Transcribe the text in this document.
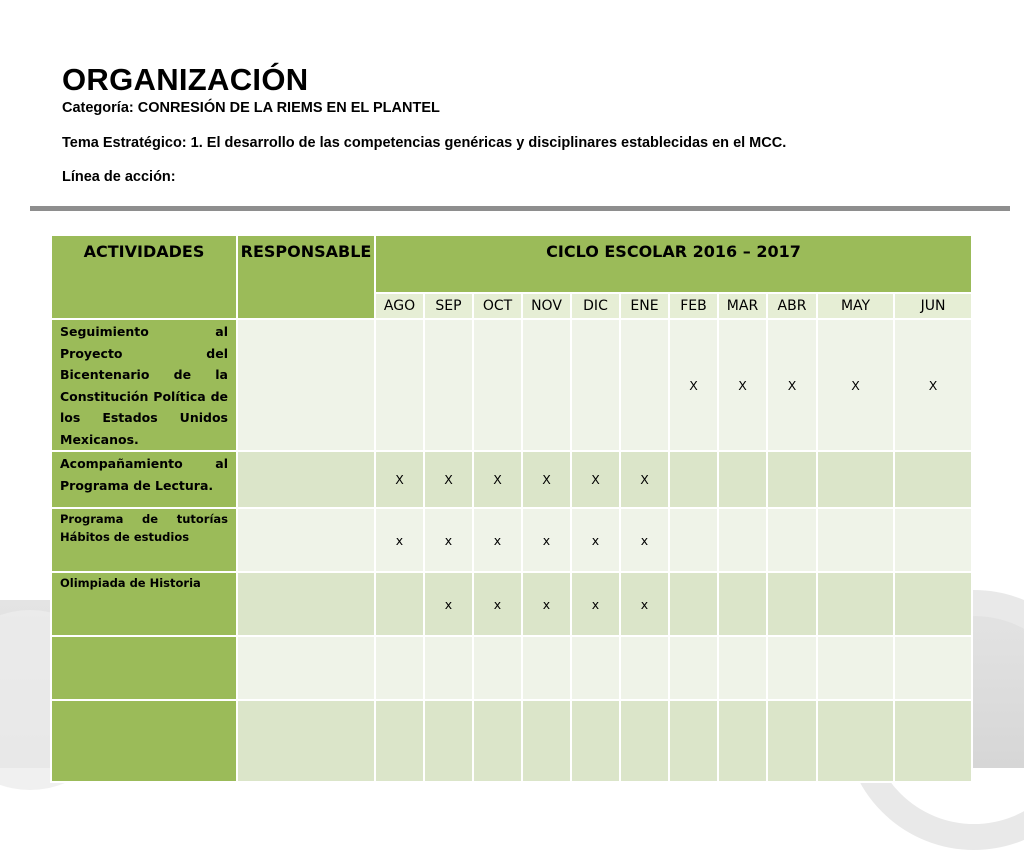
ORGANIZACIÓN
Categoría: CONRESIÓN DE LA RIEMS EN EL PLANTEL
Tema Estratégico: 1. El desarrollo de las competencias genéricas y disciplinares establecidas en el MCC.
Línea de acción:
ACTIVIDADES	RESPONSABLE	CICLO ESCOLAR 2016 – 2017										
		AGO	SEP	OCT	NOV	DIC	ENE	FEB	MAR	ABR	MAY	JUN
Seguimiento al Proyecto del Bicentenario de la Constitución Política de los Estados Unidos Mexicanos.								X	X	X	X	X
Acompañamiento al Programa de Lectura.		X	X	X	X	X	X					
Programa de tutorías Hábitos de estudios		x	x	x	x	x	x					
Olimpiada de Historia			x	x	x	x	x					
